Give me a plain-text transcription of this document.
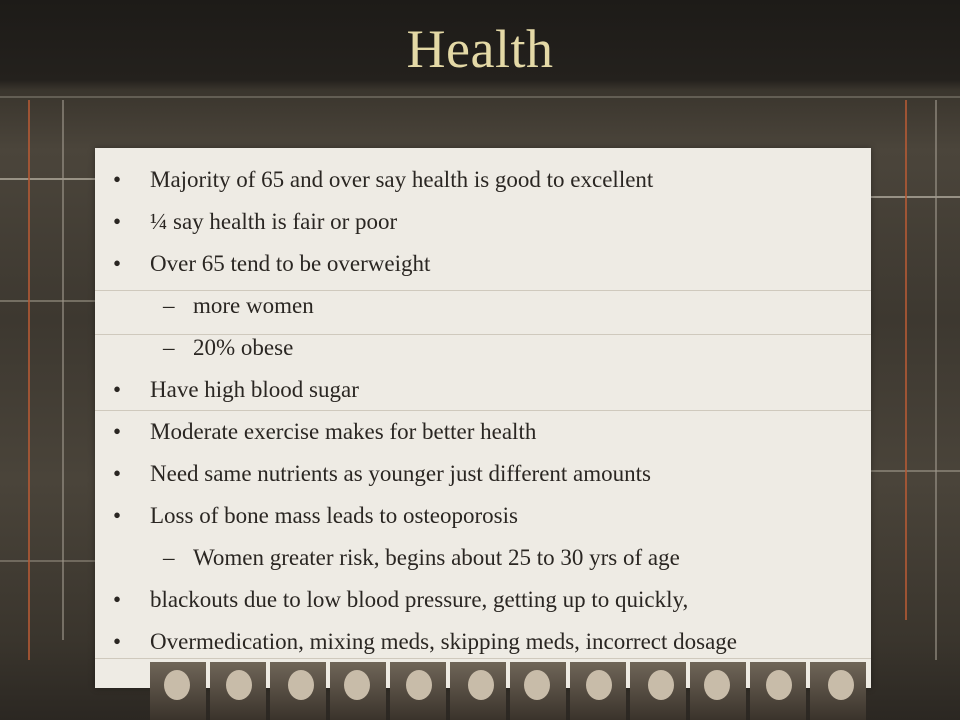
Health
• Majority of 65 and over say health is good to excellent
• ¼ say health is fair or poor
• Over 65 tend to be overweight
– more women
– 20% obese
• Have high blood sugar
• Moderate exercise makes for better health
• Need same nutrients as younger just different amounts
• Loss of bone mass leads to osteoporosis
– Women greater risk, begins about 25 to 30 yrs of age
• blackouts due to low blood pressure, getting up to quickly,
• Overmedication, mixing meds, skipping meds, incorrect dosage
